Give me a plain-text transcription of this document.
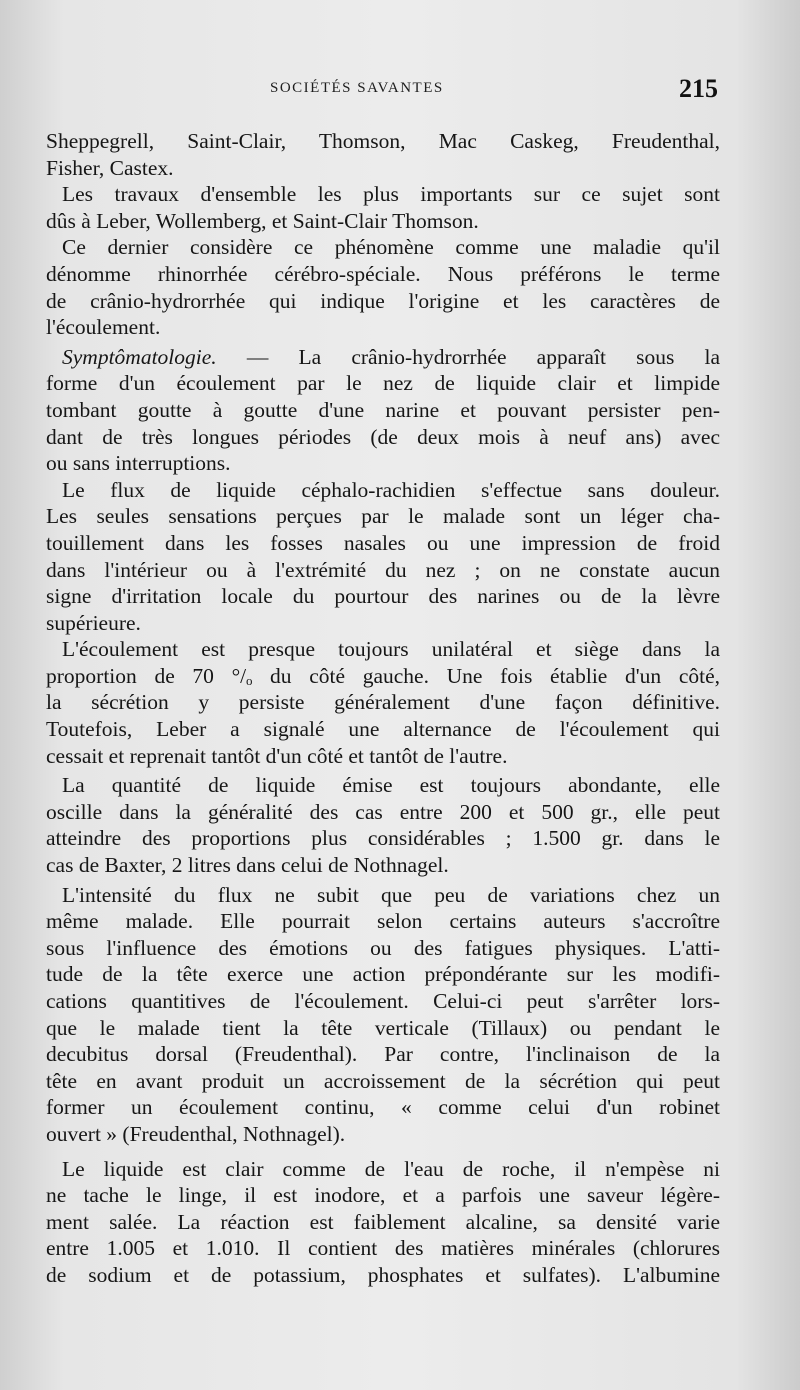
SOCIÉTÉS SAVANTES	215

Sheppegrell, Saint-Clair, Thomson, Mac Caskeg, Freudenthal,
Fisher, Castex.

Les travaux d'ensemble les plus importants sur ce sujet sont
dûs à Leber, Wollemberg, et Saint-Clair Thomson.

Ce dernier considère ce phénomène comme une maladie qu'il
dénomme rhinorrhée cérébro-spéciale. Nous préférons le terme
de crânio-hydrorrhée qui indique l'origine et les caractères de
l'écoulement.

Symptômatologie. — La crânio-hydrorrhée apparaît sous la
forme d'un écoulement par le nez de liquide clair et limpide
tombant goutte à goutte d'une narine et pouvant persister pen-
dant de très longues périodes (de deux mois à neuf ans) avec
ou sans interruptions.

Le flux de liquide céphalo-rachidien s'effectue sans douleur.
Les seules sensations perçues par le malade sont un léger cha-
touillement dans les fosses nasales ou une impression de froid
dans l'intérieur ou à l'extrémité du nez ; on ne constate aucun
signe d'irritation locale du pourtour des narines ou de la lèvre
supérieure.

L'écoulement est presque toujours unilatéral et siège dans la
proportion de 70 °/ₒ du côté gauche. Une fois établie d'un côté,
la sécrétion y persiste généralement d'une façon définitive.
Toutefois, Leber a signalé une alternance de l'écoulement qui
cessait et reprenait tantôt d'un côté et tantôt de l'autre.

La quantité de liquide émise est toujours abondante, elle
oscille dans la généralité des cas entre 200 et 500 gr., elle peut
atteindre des proportions plus considérables ; 1.500 gr. dans le
cas de Baxter, 2 litres dans celui de Nothnagel.

L'intensité du flux ne subit que peu de variations chez un
même malade. Elle pourrait selon certains auteurs s'accroître
sous l'influence des émotions ou des fatigues physiques. L'atti-
tude de la tête exerce une action prépondérante sur les modifi-
cations quantitives de l'écoulement. Celui-ci peut s'arrêter lors-
que le malade tient la tête verticale (Tillaux) ou pendant le
decubitus dorsal (Freudenthal). Par contre, l'inclinaison de la
tête en avant produit un accroissement de la sécrétion qui peut
former un écoulement continu, « comme celui d'un robinet
ouvert » (Freudenthal, Nothnagel).

Le liquide est clair comme de l'eau de roche, il n'empèse ni
ne tache le linge, il est inodore, et a parfois une saveur légère-
ment salée. La réaction est faiblement alcaline, sa densité varie
entre 1.005 et 1.010. Il contient des matières minérales (chlorures
de sodium et de potassium, phosphates et sulfates). L'albumine
